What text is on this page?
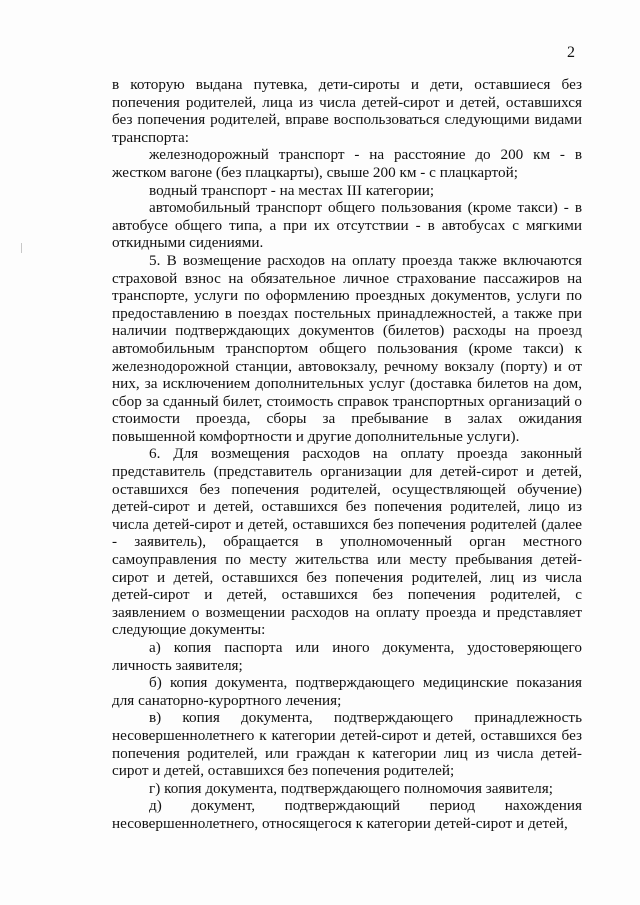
2

в которую выдана путевка, дети-сироты и дети, оставшиеся без попечения родителей, лица из числа детей-сирот и детей, оставшихся без попечения родителей, вправе воспользоваться следующими видами транспорта:

железнодорожный транспорт - на расстояние до 200 км - в жестком вагоне (без плацкарты), свыше 200 км - с плацкартой;

водный транспорт - на местах III категории;

автомобильный транспорт общего пользования (кроме такси) - в автобусе общего типа, а при их отсутствии - в автобусах с мягкими откидными сидениями.

5. В возмещение расходов на оплату проезда также включаются страховой взнос на обязательное личное страхование пассажиров на транспорте, услуги по оформлению проездных документов, услуги по предоставлению в поездах постельных принадлежностей, а также при наличии подтверждающих документов (билетов) расходы на проезд автомобильным транспортом общего пользования (кроме такси) к железнодорожной станции, автовокзалу, речному вокзалу (порту) и от них, за исключением дополнительных услуг (доставка билетов на дом, сбор за сданный билет, стоимость справок транспортных организаций о стоимости проезда, сборы за пребывание в залах ожидания повышенной комфортности и другие дополнительные услуги).

6. Для возмещения расходов на оплату проезда законный представитель (представитель организации для детей-сирот и детей, оставшихся без попечения родителей, осуществляющей обучение) детей-сирот и детей, оставшихся без попечения родителей, лицо из числа детей-сирот и детей, оставшихся без попечения родителей (далее - заявитель), обращается в уполномоченный орган местного самоуправления по месту жительства или месту пребывания детей-сирот и детей, оставшихся без попечения родителей, лиц из числа детей-сирот и детей, оставшихся без попечения родителей, с заявлением о возмещении расходов на оплату проезда и представляет следующие документы:

а) копия паспорта или иного документа, удостоверяющего личность заявителя;

б) копия документа, подтверждающего медицинские показания для санаторно-курортного лечения;

в) копия документа, подтверждающего принадлежность несовершеннолетнего к категории детей-сирот и детей, оставшихся без попечения родителей, или граждан к категории лиц из числа детей-сирот и детей, оставшихся без попечения родителей;

г) копия документа, подтверждающего полномочия заявителя;

д) документ, подтверждающий период нахождения несовершеннолетнего, относящегося к категории детей-сирот и детей,
